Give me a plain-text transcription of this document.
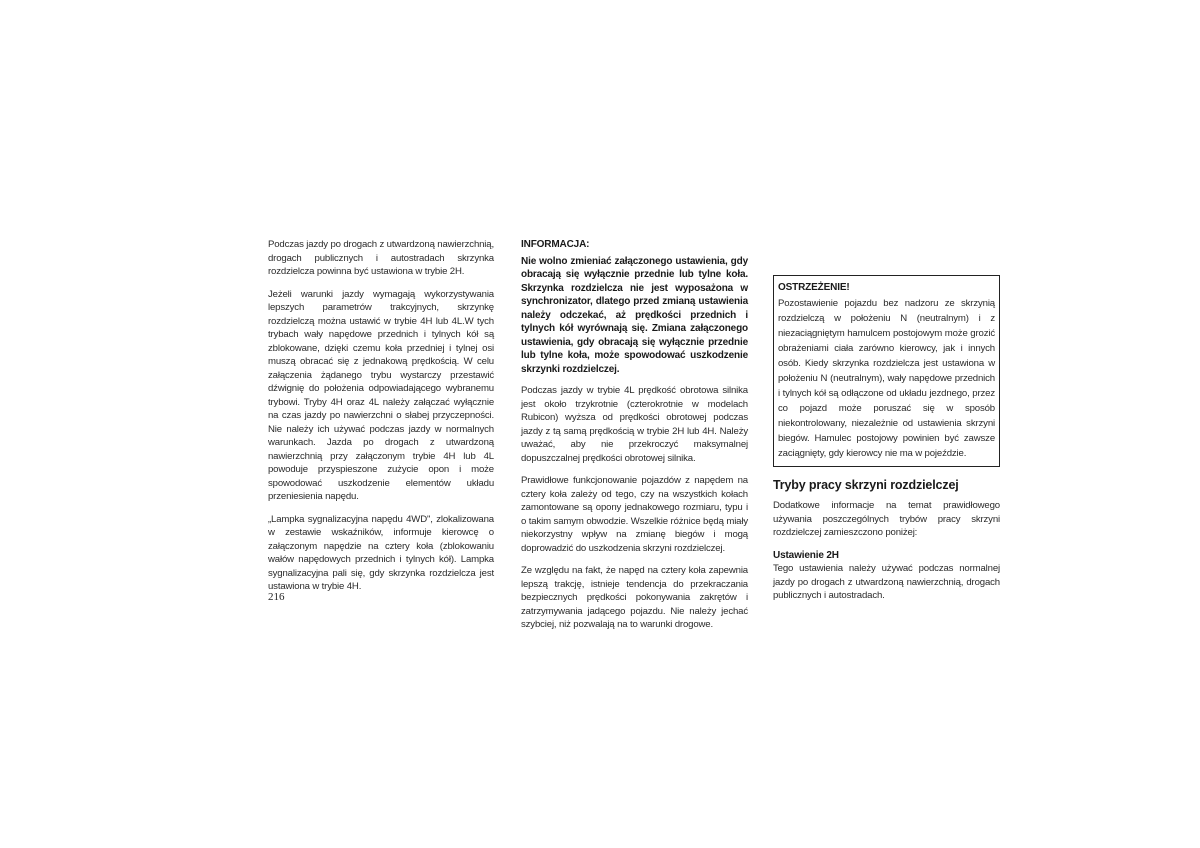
Podczas jazdy po drogach z utwardzoną nawierzchnią, drogach publicznych i autostradach skrzynka rozdzielcza powinna być ustawiona w trybie 2H.

Jeżeli warunki jazdy wymagają wykorzystywania lepszych parametrów trakcyjnych, skrzynkę rozdzielczą można ustawić w trybie 4H lub 4L.W tych trybach wały napędowe przednich i tylnych kół są zblokowane, dzięki czemu koła przedniej i tylnej osi muszą obracać się z jednakową prędkością. W celu załączenia żądanego trybu wystarczy przestawić dźwignię do położenia odpowiadającego wybranemu trybowi. Tryby 4H oraz 4L należy załączać wyłącznie na czas jazdy po nawierzchni o słabej przyczepności. Nie należy ich używać podczas jazdy w normalnych warunkach. Jazda po drogach z utwardzoną nawierzchnią przy załączonym trybie 4H lub 4L powoduje przyspieszone zużycie opon i może spowodować uszkodzenie elementów układu przeniesienia napędu.

„Lampka sygnalizacyjna napędu 4WD", zlokalizowana w zestawie wskaźników, informuje kierowcę o załączonym napędzie na cztery koła (zblokowaniu wałów napędowych przednich i tylnych kół). Lampka sygnalizacyjna pali się, gdy skrzynka rozdzielcza jest ustawiona w trybie 4H.

INFORMACJA:

Nie wolno zmieniać załączonego ustawienia, gdy obracają się wyłącznie przednie lub tylne koła. Skrzynka rozdzielcza nie jest wyposażona w synchronizator, dlatego przed zmianą ustawienia należy odczekać, aż prędkości przednich i tylnych kół wyrównają się. Zmiana załączonego ustawienia, gdy obracają się wyłącznie przednie lub tylne koła, może spowodować uszkodzenie skrzynki rozdzielczej.

Podczas jazdy w trybie 4L prędkość obrotowa silnika jest około trzykrotnie (czterokrotnie w modelach Rubicon) wyższa od prędkości obrotowej podczas jazdy z tą samą prędkością w trybie 2H lub 4H. Należy uważać, aby nie przekroczyć maksymalnej dopuszczalnej prędkości obrotowej silnika.

Prawidłowe funkcjonowanie pojazdów z napędem na cztery koła zależy od tego, czy na wszystkich kołach zamontowane są opony jednakowego rozmiaru, typu i o takim samym obwodzie. Wszelkie różnice będą miały niekorzystny wpływ na zmianę biegów i mogą doprowadzić do uszkodzenia skrzyni rozdzielczej.

Ze względu na fakt, że napęd na cztery koła zapewnia lepszą trakcję, istnieje tendencja do przekraczania bezpiecznych prędkości pokonywania zakrętów i zatrzymywania jadącego pojazdu. Nie należy jechać szybciej, niż pozwalają na to warunki drogowe.

OSTRZEŻENIE!

Pozostawienie pojazdu bez nadzoru ze skrzynią rozdzielczą w położeniu N (neutralnym) i z niezaciągniętym hamulcem postojowym może grozić obrażeniami ciała zarówno kierowcy, jak i innych osób. Kiedy skrzynka rozdzielcza jest ustawiona w położeniu N (neutralnym), wały napędowe przednich i tylnych kół są odłączone od układu jezdnego, przez co pojazd może poruszać się w sposób niekontrolowany, niezależnie od ustawienia skrzyni biegów. Hamulec postojowy powinien być zawsze zaciągnięty, gdy kierowcy nie ma w pojeździe.

Tryby pracy skrzyni rozdzielczej

Dodatkowe informacje na temat prawidłowego używania poszczególnych trybów pracy skrzyni rozdzielczej zamieszczono poniżej:

Ustawienie 2H

Tego ustawienia należy używać podczas normalnej jazdy po drogach z utwardzoną nawierzchnią, drogach publicznych i autostradach.

216
